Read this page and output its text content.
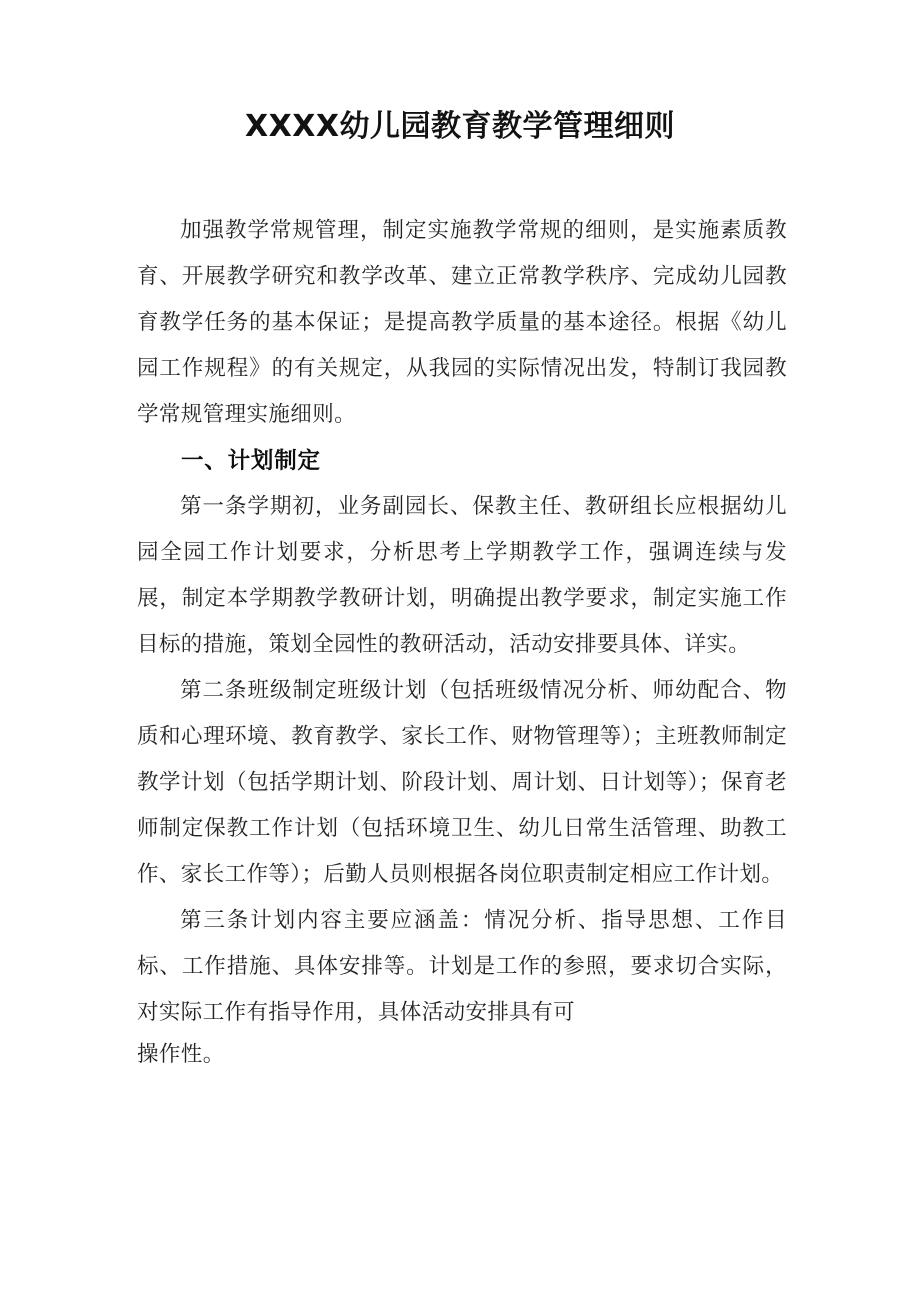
XXXX幼儿园教育教学管理细则

加强教学常规管理，制定实施教学常规的细则，是实施素质教育、开展教学研究和教学改革、建立正常教学秩序、完成幼儿园教育教学任务的基本保证；是提高教学质量的基本途径。根据《幼儿园工作规程》的有关规定，从我园的实际情况出发，特制订我园教学常规管理实施细则。

一、计划制定

第一条学期初，业务副园长、保教主任、教研组长应根据幼儿园全园工作计划要求，分析思考上学期教学工作，强调连续与发展，制定本学期教学教研计划，明确提出教学要求，制定实施工作目标的措施，策划全园性的教研活动，活动安排要具体、详实。

第二条班级制定班级计划（包括班级情况分析、师幼配合、物质和心理环境、教育教学、家长工作、财物管理等）；主班教师制定教学计划（包括学期计划、阶段计划、周计划、日计划等）；保育老师制定保教工作计划（包括环境卫生、幼儿日常生活管理、助教工作、家长工作等）；后勤人员则根据各岗位职责制定相应工作计划。

第三条计划内容主要应涵盖：情况分析、指导思想、工作目标、工作措施、具体安排等。计划是工作的参照，要求切合实际，对实际工作有指导作用，具体活动安排具有可

操作性。
